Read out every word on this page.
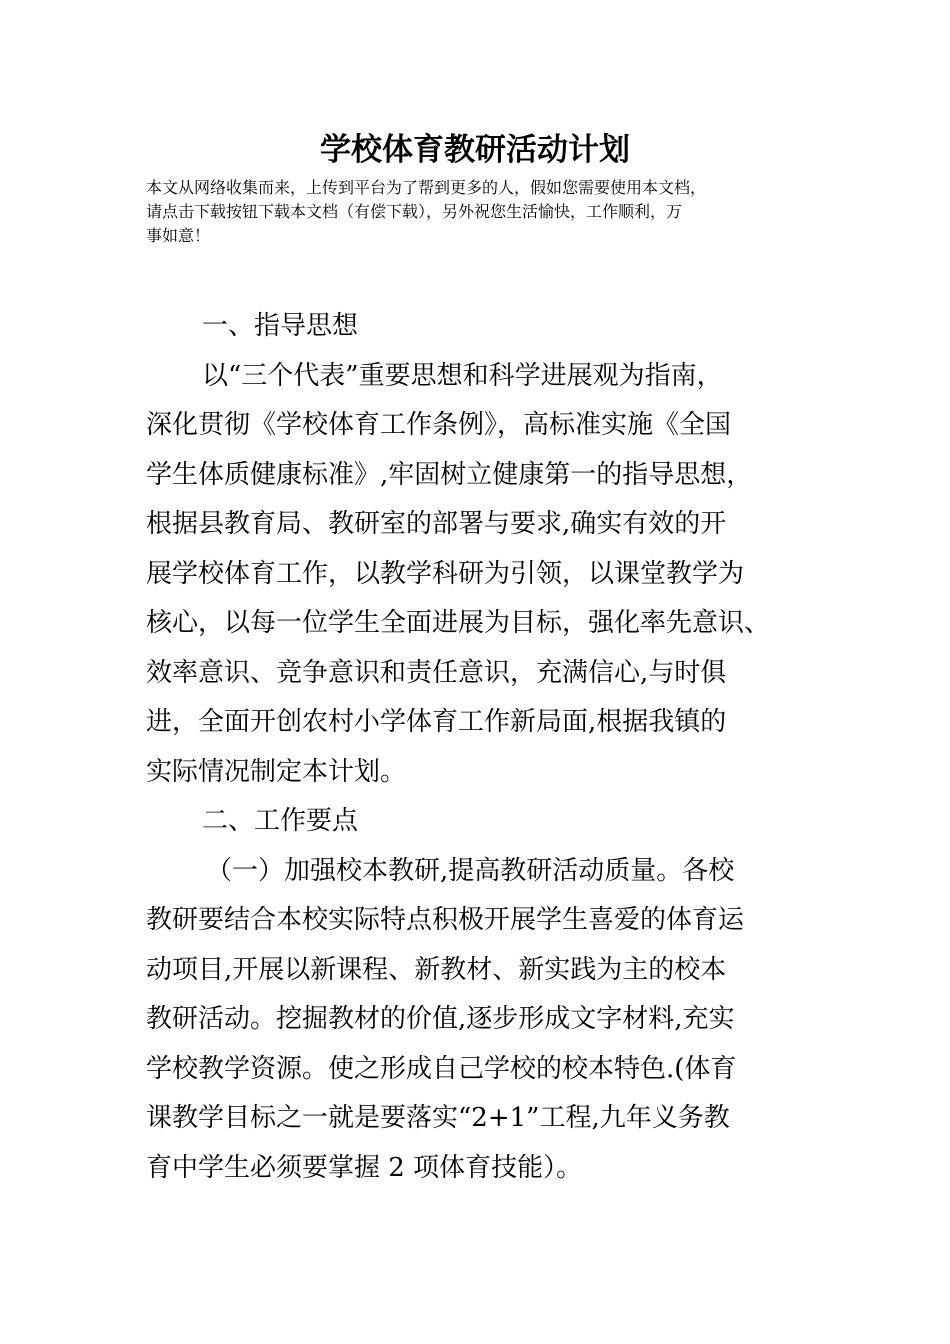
学校体育教研活动计划
本文从网络收集而来，上传到平台为了帮到更多的人，假如您需要使用本文档，
请点击下载按钮下载本文档（有偿下载），另外祝您生活愉快，工作顺利，万
事如意！
一、指导思想
以“三个代表”重要思想和科学进展观为指南，
深化贯彻《学校体育工作条例》，高标准实施《全国
学生体质健康标准》,牢固树立健康第一的指导思想，
根据县教育局、教研室的部署与要求,确实有效的开
展学校体育工作，以教学科研为引领，以课堂教学为
核心，以每一位学生全面进展为目标，强化率先意识、
效率意识、竞争意识和责任意识，充满信心,与时俱
进，全面开创农村小学体育工作新局面,根据我镇的
实际情况制定本计划。
二、工作要点
（一）加强校本教研,提高教研活动质量。各校
教研要结合本校实际特点积极开展学生喜爱的体育运
动项目,开展以新课程、新教材、新实践为主的校本
教研活动。挖掘教材的价值,逐步形成文字材料,充实
学校教学资源。使之形成自己学校的校本特色.(体育
课教学目标之一就是要落实“2+1”工程,九年义务教
育中学生必须要掌握 2 项体育技能）。
